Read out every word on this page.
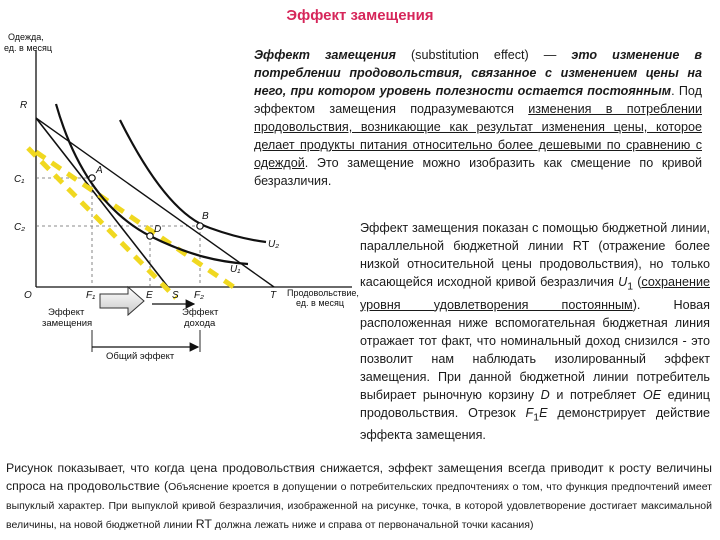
Эффект замещения
Одежда,
ед. в месяц
Продовольствие,
ед. в месяц
R
C₁
C₂
A
B
D
U₂
U₁
O	F₁	E S F₂	T
Эффект
замещения
Эффект
дохода
Общий эффект
Эффект замещения (substitution effect) — это изменение в потреблении продовольствия, связанное с изменением цены на него, при котором уровень полезности остается постоянным. Под эффектом замещения подразумеваются изменения в потреблении продовольствия, возникающие как результат изменения цены, которое делает продукты питания относительно более дешевыми по сравнению с одеждой. Это замещение можно изобразить как смещение по кривой безразличия.
Эффект замещения показан с помощью бюджетной линии, параллельной бюджетной линии RT (отражение более низкой относительной цены продовольствия), но только касающейся исходной кривой безразличия $U_1$ (сохранение уровня удовлетворения постоянным). Новая расположенная ниже вспомогательная бюджетная линия отражает тот факт, что номинальный доход снизился - это позволит нам наблюдать изолированный эффект замещения. При данной бюджетной линии потребитель выбирает рыночную корзину D и потребляет OE единиц продовольствия. Отрезок $F_1E$ демонстрирует действие эффекта замещения.
Рисунок показывает, что когда цена продовольствия снижается, эффект замещения всегда приводит к росту величины спроса на продовольствие (Объяснение кроется в допущении о потребительских предпочтениях о том, что функция предпочтений имеет выпуклый характер. При выпуклой кривой безразличия, изображенной на рисунке, точка, в которой удовлетворение достигает максимальной величины, на новой бюджетной линии RT должна лежать ниже и справа от первоначальной точки касания)
